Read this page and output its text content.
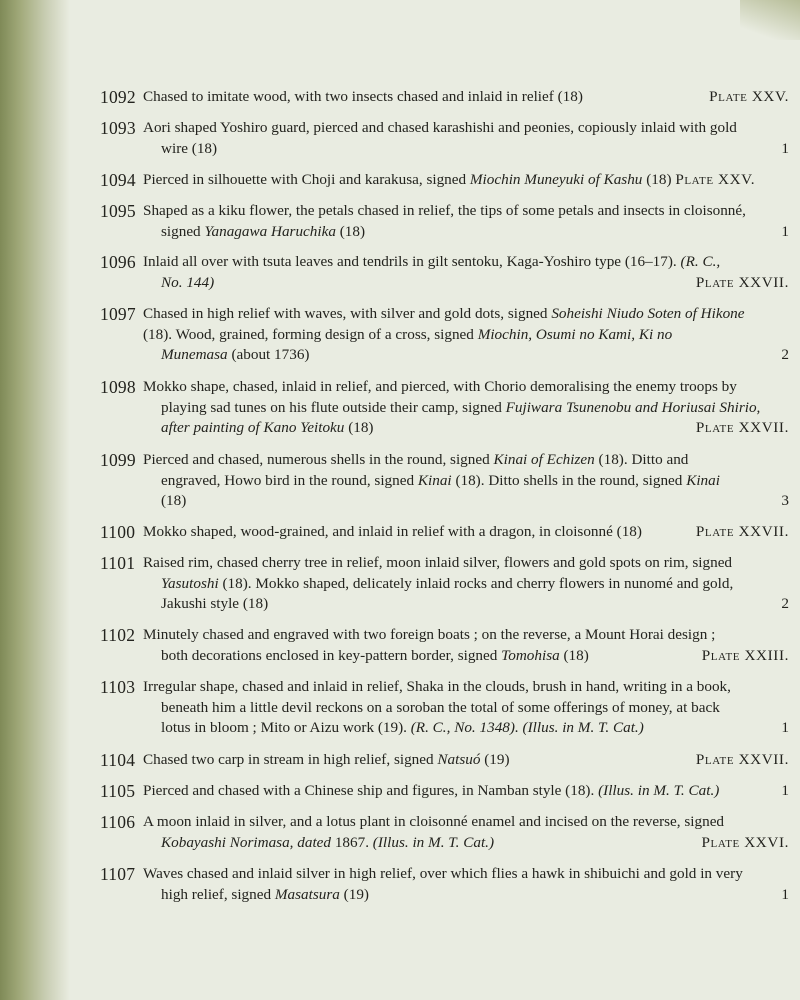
1092 Chased to imitate wood, with two insects chased and inlaid in relief (18)	Plate XXV.
1093 Aori shaped Yoshiro guard, pierced and chased karashishi and peonies, copiously inlaid with gold
wire (18)	1
1094 Pierced in silhouette with Choji and karakusa, signed Miochin Muneyuki of Kashu (18) Plate XXV.
1095 Shaped as a kiku flower, the petals chased in relief, the tips of some petals and insects in cloisonné,
signed Yanagawa Haruchika (18)	1
1096 Inlaid all over with tsuta leaves and tendrils in gilt sentoku, Kaga-Yoshiro type (16–17). (R. C.,
No. 144)	Plate XXVII.
1097 Chased in high relief with waves, with silver and gold dots, signed Soheishi Niudo Soten of Hikone
(18). Wood, grained, forming design of a cross, signed Miochin, Osumi no Kami, Ki no
Munemasa (about 1736)	2
1098 Mokko shape, chased, inlaid in relief, and pierced, with Chorio demoralising the enemy troops by
playing sad tunes on his flute outside their camp, signed Fujiwara Tsunenobu and Horiusai Shirio,
after painting of Kano Yeitoku (18)	Plate XXVII.
1099 Pierced and chased, numerous shells in the round, signed Kinai of Echizen (18). Ditto and
engraved, Howo bird in the round, signed Kinai (18). Ditto shells in the round, signed Kinai
(18)	3
1100 Mokko shaped, wood-grained, and inlaid in relief with a dragon, in cloisonné (18)	Plate XXVII.
1101 Raised rim, chased cherry tree in relief, moon inlaid silver, flowers and gold spots on rim, signed
Yasutoshi (18). Mokko shaped, delicately inlaid rocks and cherry flowers in nunomé and gold,
Jakushi style (18)	2
1102 Minutely chased and engraved with two foreign boats ; on the reverse, a Mount Horai design ;
both decorations enclosed in key-pattern border, signed Tomohisa (18)	Plate XXIII.
1103 Irregular shape, chased and inlaid in relief, Shaka in the clouds, brush in hand, writing in a book,
beneath him a little devil reckons on a soroban the total of some offerings of money, at back
lotus in bloom ; Mito or Aizu work (19). (R. C., No. 1348). (Illus. in M. T. Cat.)	1
1104 Chased two carp in stream in high relief, signed Natsuó (19)	Plate XXVII.
1105 Pierced and chased with a Chinese ship and figures, in Namban style (18). (Illus. in M. T. Cat.)	1
1106 A moon inlaid in silver, and a lotus plant in cloisonné enamel and incised on the reverse, signed
Kobayashi Norimasa, dated 1867. (Illus. in M. T. Cat.)	Plate XXVI.
1107 Waves chased and inlaid silver in high relief, over which flies a hawk in shibuichi and gold in very
high relief, signed Masatsura (19)	1
